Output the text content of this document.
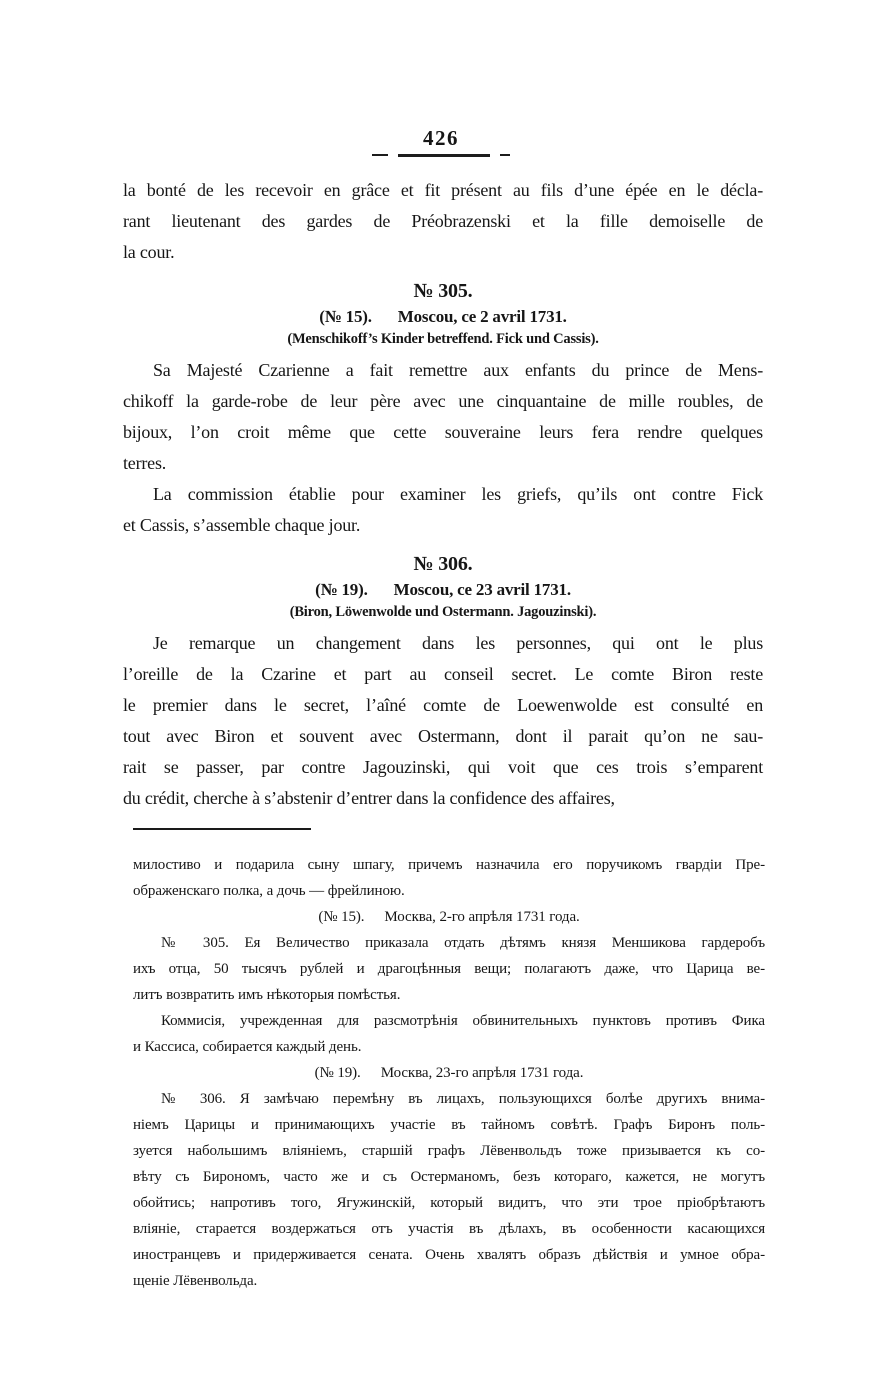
426
la bonté de les recevoir en grâce et fit présent au fils d’une épée en le décla-
rant lieutenant des gardes de Préobrazenski et la fille demoiselle de
la cour.
№ 305.
(№ 15). Moscou, ce 2 avril 1731.
(Menschikoff’s Kinder betreffend. Fick und Cassis).
Sa Majesté Czarienne a fait remettre aux enfants du prince de Mens-
chikoff la garde-robe de leur père avec une cinquantaine de mille roubles, de
bijoux, l’on croit même que cette souveraine leurs fera rendre quelques
terres.
La commission établie pour examiner les griefs, qu’ils ont contre Fick
et Cassis, s’assemble chaque jour.
№ 306.
(№ 19). Moscou, ce 23 avril 1731.
(Biron, Löwenwolde und Ostermann. Jagouzinski).
Je remarque un changement dans les personnes, qui ont le plus
l’oreille de la Czarine et part au conseil secret. Le comte Biron reste
le premier dans le secret, l’aîné comte de Loewenwolde est consulté en
tout avec Biron et souvent avec Ostermann, dont il parait qu’on ne sau-
rait se passer, par contre Jagouzinski, qui voit que ces trois s’emparent
du crédit, cherche à s’abstenir d’entrer dans la confidence des affaires,
милостиво и подарила сыну шпагу, причемъ назначила его поручикомъ гвардіи Пре-
ображенскаго полка, а дочь — фрейлиною.
(№ 15). Москва, 2-го апрѣля 1731 года.
№ 305. Ея Величество приказала отдать дѣтямъ князя Меншикова гардеробъ
ихъ отца, 50 тысячъ рублей и драгоцѣнныя вещи; полагаютъ даже, что Царица ве-
литъ возвратить имъ нѣкоторыя помѣстья.
Коммисія, учрежденная для разсмотрѣнія обвинительныхъ пунктовъ противъ Фика
и Кассиса, собирается каждый день.
(№ 19). Москва, 23-го апрѣля 1731 года.
№ 306. Я замѣчаю перемѣну въ лицахъ, пользующихся болѣе другихъ внима-
ніемъ Царицы и принимающихъ участіе въ тайномъ совѣтѣ. Графъ Биронъ поль-
зуется набольшимъ вліяніемъ, старшій графъ Лёвенвольдъ тоже призывается къ со-
вѣту съ Бирономъ, часто же и съ Остерманомъ, безъ котораго, кажется, не могутъ
обойтись; напротивъ того, Ягужинскій, который видитъ, что эти трое пріобрѣтаютъ
вліяніе, старается воздержаться отъ участія въ дѣлахъ, въ особенности касающихся
иностранцевъ и придерживается сената. Очень хвалятъ образъ дѣйствія и умное обра-
щеніе Лёвенвольда.
